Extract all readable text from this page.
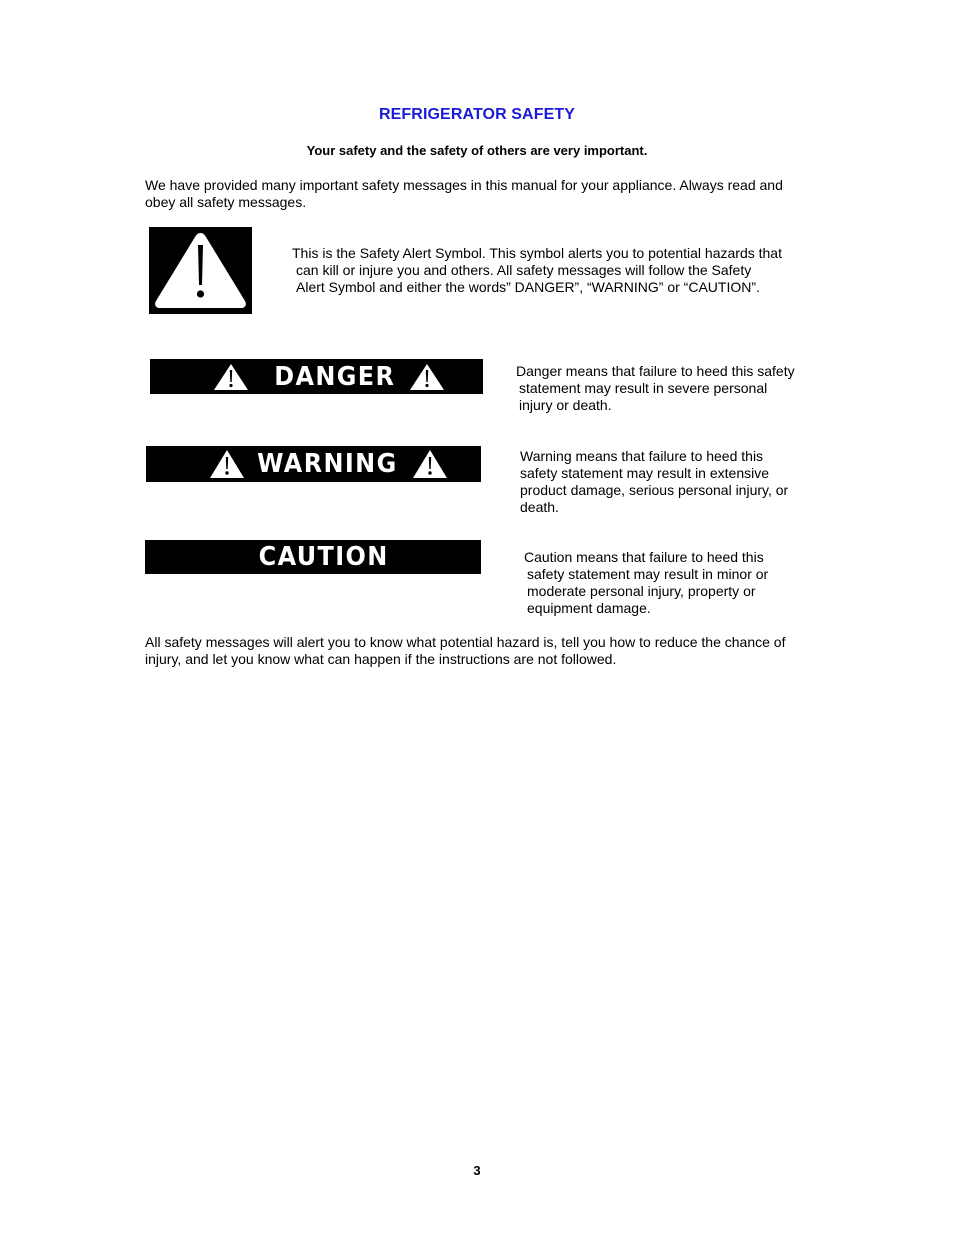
REFRIGERATOR SAFETY
Your safety and the safety of others are very important.
We have provided many important safety messages in this manual for your appliance. Always read and
obey all safety messages.
This is the Safety Alert Symbol. This symbol alerts you to potential hazards that
can kill or injure you and others. All safety messages will follow the Safety
Alert Symbol and either the words” DANGER”, “WARNING” or “CAUTION”.
DANGER	Danger means that failure to heed this safety
statement may result in severe personal
injury or death.
WARNING	Warning means that failure to heed this
safety statement may result in extensive
product damage, serious personal injury, or
death.
CAUTION	Caution means that failure to heed this
safety statement may result in minor or
moderate personal injury, property or
equipment damage.
All safety messages will alert you to know what potential hazard is, tell you how to reduce the chance of
injury, and let you know what can happen if the instructions are not followed.
3
